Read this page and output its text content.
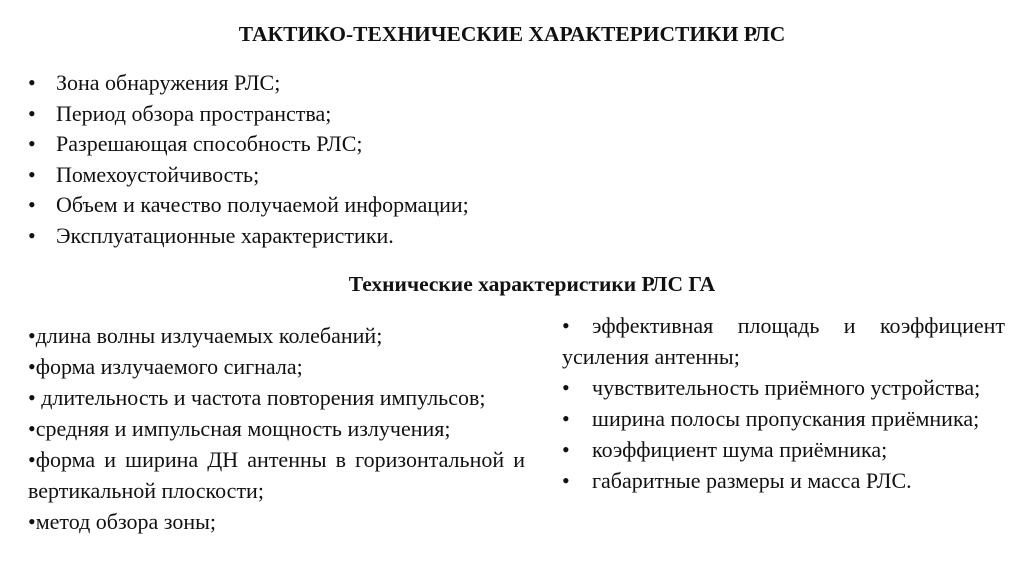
ТАКТИКО-ТЕХНИЧЕСКИЕ ХАРАКТЕРИСТИКИ РЛС
• Зона обнаружения РЛС;
• Период обзора пространства;
• Разрешающая способность РЛС;
• Помехоустойчивость;
• Объем и качество получаемой информации;
• Эксплуатационные характеристики.
Технические характеристики РЛС ГА
•длина волны излучаемых колебаний;
•форма излучаемого сигнала;
• длительность и частота повторения импульсов;
•средняя и импульсная мощность излучения;
•форма и ширина ДН антенны в горизонтальной и вертикальной плоскости;
•метод обзора зоны;
• эффективная площадь и коэффициент усиления антенны;
• чувствительность приёмного устройства;
• ширина полосы пропускания приёмника;
• коэффициент шума приёмника;
• габаритные размеры и масса РЛС.
